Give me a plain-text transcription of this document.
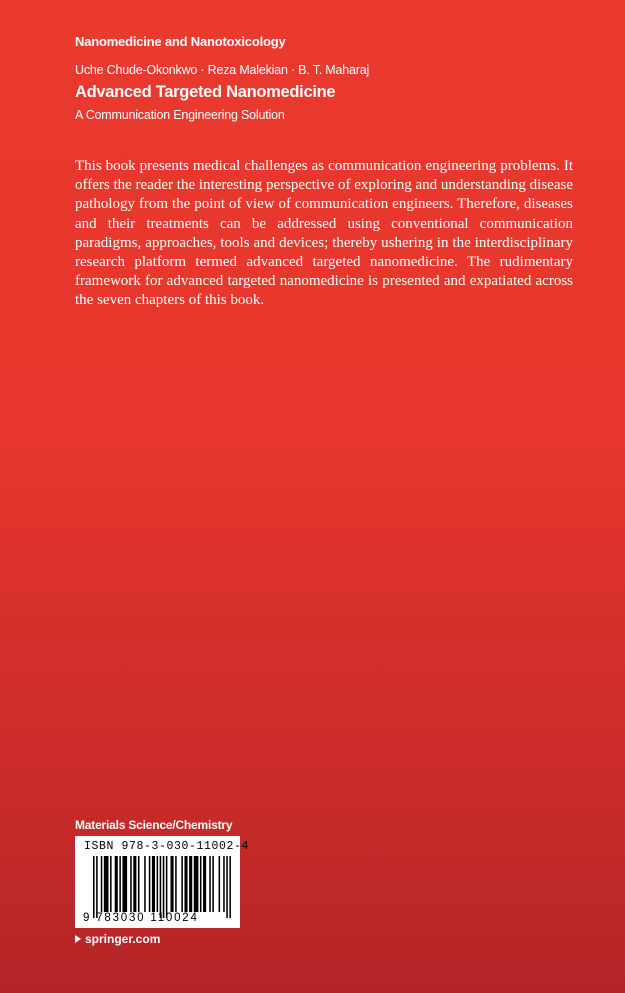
Nanomedicine and Nanotoxicology
Uche Chude-Okonkwo · Reza Malekian · B. T. Maharaj
Advanced Targeted Nanomedicine
A Communication Engineering Solution

This book presents medical challenges as communication engineering problems. It offers the reader the interesting perspective of exploring and understanding disease pathology from the point of view of communication engineers. Therefore, diseases and their treatments can be addressed using conventional communication paradigms, approaches, tools and devices; thereby ushering in the interdisciplinary research platform termed advanced targeted nanomedicine. The rudimentary framework for advanced targeted nanomedicine is presented and expatiated across the seven chapters of this book.

Materials Science/Chemistry
ISBN 978-3-030-11002-4
9 783030 110024
springer.com
